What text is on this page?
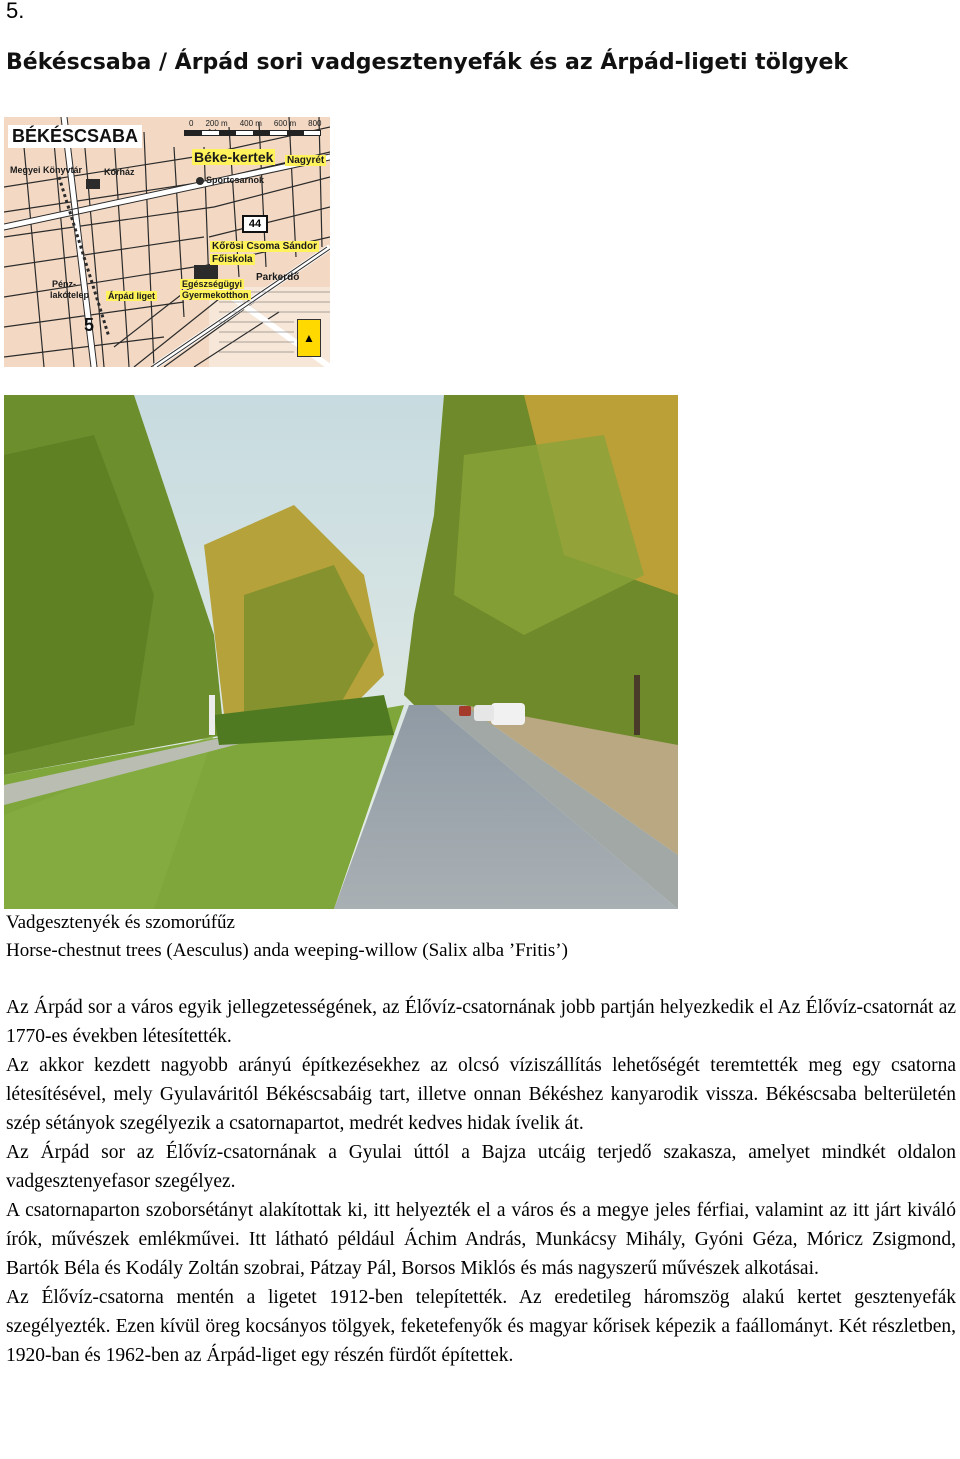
5.
Békéscsaba / Árpád sori vadgesztenyefák és az Árpád-ligeti tölgyek
0 200 m 400 m 600 m 800
BÉKÉSCSABA
Béke-kertek Nagyrét
Megyei Könyvtár Kórház
Sportcsarnok
44
Kőrösi Csoma Sándor
Főiskola
Parkerdő
Egészségügyi
Gyermekotthon
Árpád liget
Pénz-
lakótelep
5
▲
Vadgesztenyék és szomorúfűz
Horse-chestnut trees (Aesculus) anda weeping-willow (Salix alba ’Fritis’)

Az Árpád sor a város egyik jellegzetességének, az Élővíz-csatornának jobb partján helyezkedik el Az Élővíz-csatornát az 1770-es években létesítették.

Az akkor kezdett nagyobb arányú építkezésekhez az olcsó víziszállítás lehetőségét teremtették meg egy csatorna létesítésével, mely Gyulaváritól Békéscsabáig tart, illetve onnan Békéshez kanyarodik vissza. Békéscsaba belterületén szép sétányok szegélyezik a csatornapartot, medrét kedves hidak ívelik át.

Az Árpád sor az Élővíz-csatornának a Gyulai úttól a Bajza utcáig terjedő szakasza, amelyet mindkét oldalon vadgesztenyefasor szegélyez.

A csatornaparton szoborsétányt alakítottak ki, itt helyezték el a város és a megye jeles férfiai, valamint az itt járt kiváló írók, művészek emlékművei. Itt látható például Áchim András, Munkácsy Mihály, Gyóni Géza, Móricz Zsigmond, Bartók Béla és Kodály Zoltán szobrai, Pátzay Pál, Borsos Miklós és más nagyszerű művészek alkotásai.

Az Élővíz-csatorna mentén a ligetet 1912-ben telepítették. Az eredetileg háromszög alakú kertet gesztenyefák szegélyezték. Ezen kívül öreg kocsányos tölgyek, feketefenyők és magyar kőrisek képezik a faállományt. Két részletben, 1920-ban és 1962-ben az Árpád-liget egy részén fürdőt építettek.
